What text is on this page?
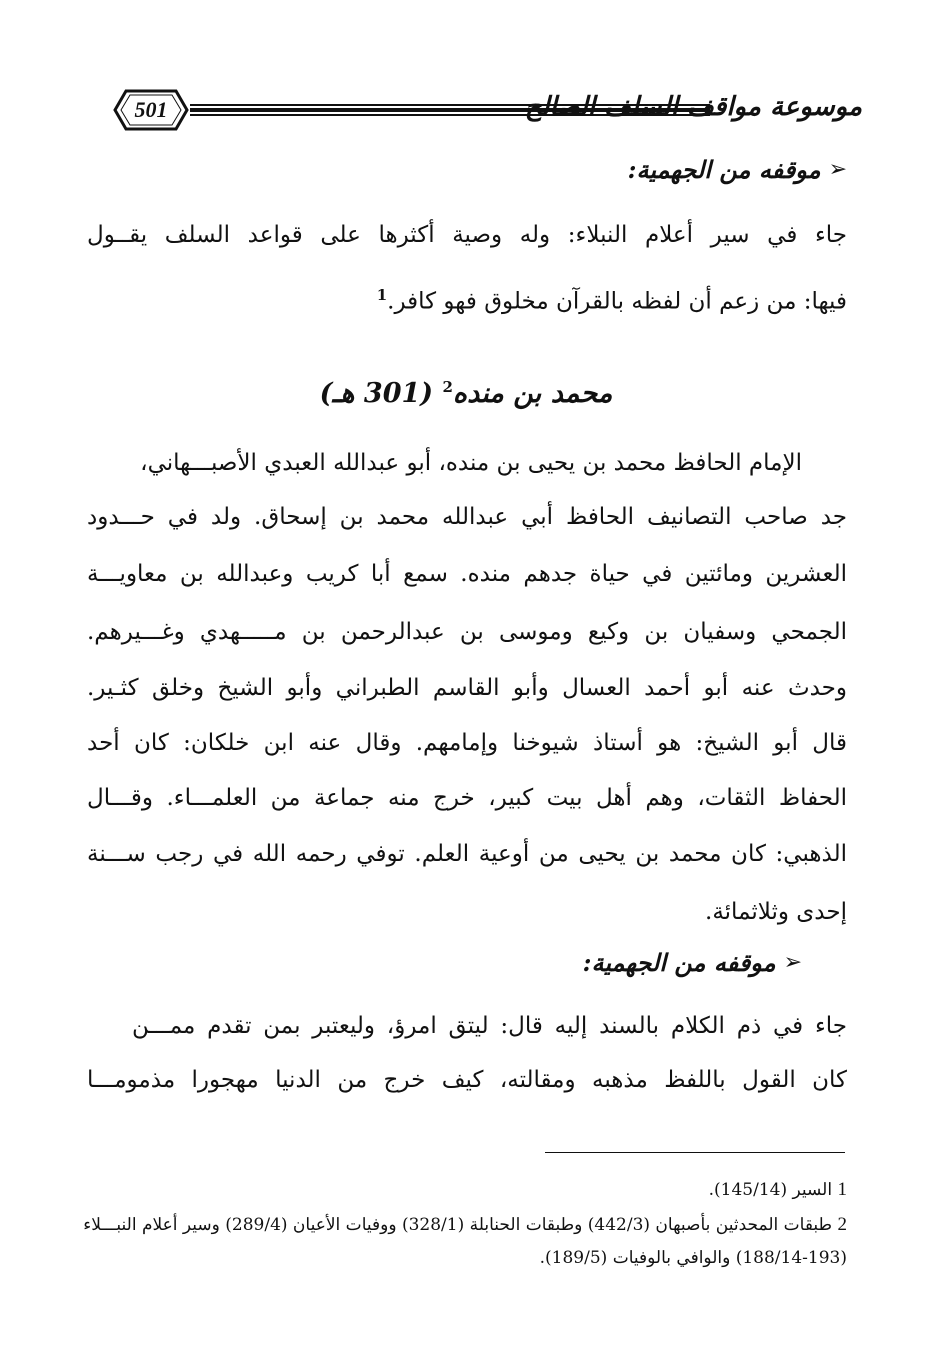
501	موسوعة مواقف السلف الصالح
➢
موقفه من الجهمية:
جاء في سير أعلام النبلاء: وله وصية أكثرها على قواعد السلف يقــول
فيها: من زعم أن لفظه بالقرآن مخلوق فهو كافر.$^1$
محمد بن منده$^2$ (301 هـ)
الإمام الحافظ محمد بن يحيى بن منده، أبو عبدالله العبدي الأصبـــهاني،
جد صاحب التصانيف الحافظ أبي عبدالله محمد بن إسحاق. ولد في حـــدود
العشرين ومائتين في حياة جدهم منده. سمع أبا كريب وعبدالله بن معاويـــة
الجمحي وسفيان بن وكيع وموسى بن عبدالرحمن بن مـــــهدي وغـــيرهم.
وحدث عنه أبو أحمد العسال وأبو القاسم الطبراني وأبو الشيخ وخلق كثـير.
قال أبو الشيخ: هو أستاذ شيوخنا وإمامهم. وقال عنه ابن خلكان: كان أحد
الحفاظ الثقات، وهم أهل بيت كبير، خرج منه جماعة من العلمـــاء. وقـــال
الذهبي: كان محمد بن يحيى من أوعية العلم. توفي رحمه الله في رجب ســـنة
إحدى وثلاثمائة.
➢
موقفه من الجهمية:
جاء في ذم الكلام بالسند إليه قال: ليتق امرؤ، وليعتبر بمن تقدم ممـــن
كان القول باللفظ مذهبه ومقالته، كيف خرج من الدنيا مهجورا مذمومـــا
1 السير (145/14).
2 طبقات المحدثين بأصبهان (442/3) وطبقات الحنابلة (328/1) ووفيات الأعيان (289/4) وسير أعلام النبـــلاء
(188/14-193) والوافي بالوفيات (189/5).
